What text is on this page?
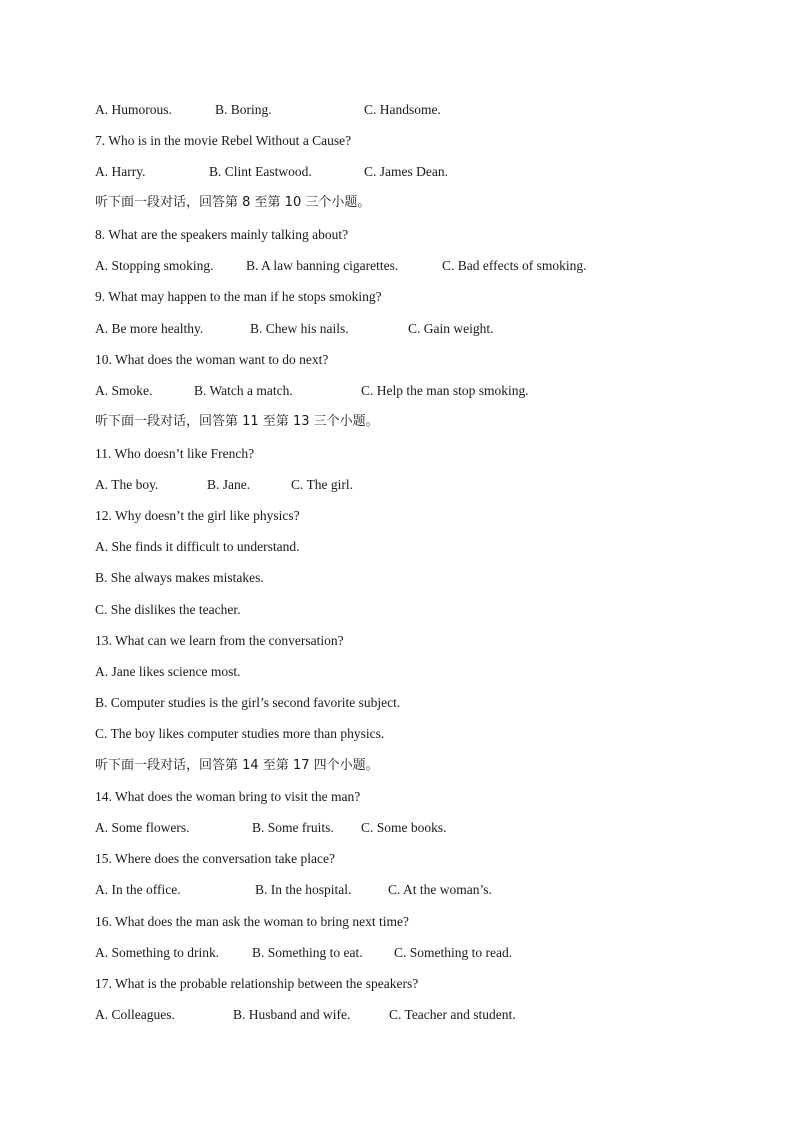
A. Humorous.	B. Boring.	C. Handsome.
7. Who is in the movie Rebel Without a Cause?
A. Harry.	B. Clint Eastwood.	C. James Dean.
听下面一段对话，回答第 8 至第 10 三个小题。
8. What are the speakers mainly talking about?
A. Stopping smoking. B. A law banning cigarettes.	C. Bad effects of smoking.
9. What may happen to the man if he stops smoking?
A. Be more healthy.	B. Chew his nails.	C. Gain weight.
10. What does the woman want to do next?
A. Smoke.	B. Watch a match.	C. Help the man stop smoking.
听下面一段对话，回答第 11 至第 13 三个小题。
11. Who doesn’t like French?
A. The boy.	B. Jane.	C. The girl.
12. Why doesn’t the girl like physics?
A. She finds it difficult to understand.
B. She always makes mistakes.
C. She dislikes the teacher.
13. What can we learn from the conversation?
A. Jane likes science most.
B. Computer studies is the girl’s second favorite subject.
C. The boy likes computer studies more than physics.
听下面一段对话，回答第 14 至第 17 四个小题。
14. What does the woman bring to visit the man?
A. Some flowers.	B. Some fruits. C. Some books.
15. Where does the conversation take place?
A. In the office.	B. In the hospital.	C. At the woman’s.
16. What does the man ask the woman to bring next time?
A. Something to drink. B. Something to eat. C. Something to read.
17. What is the probable relationship between the speakers?
A. Colleagues.	B. Husband and wife.	C. Teacher and student.
